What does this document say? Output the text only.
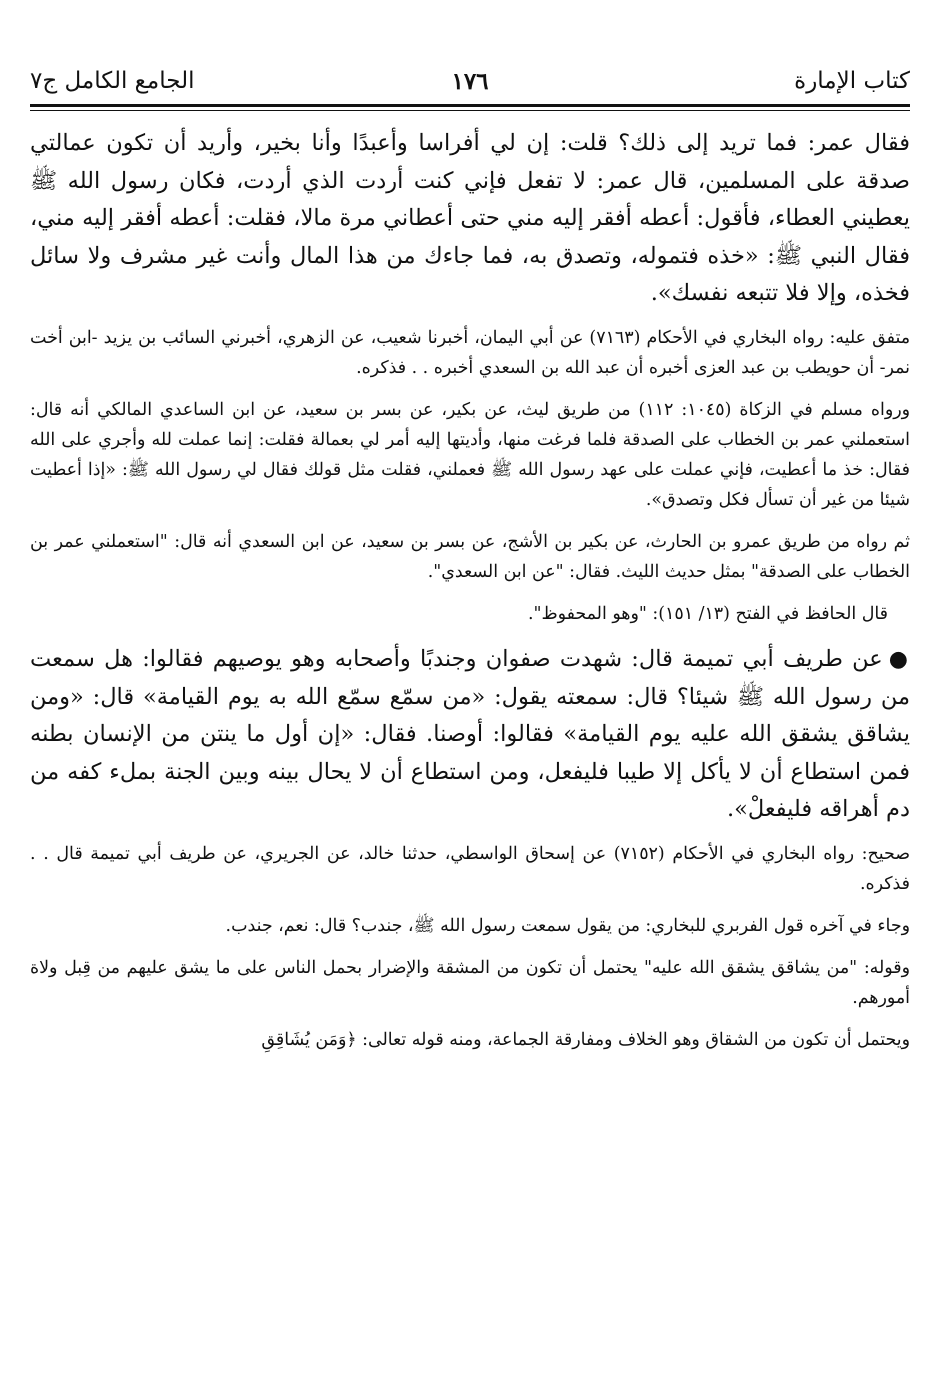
كتاب الإمارة
١٧٦
الجامع الكامل ج٧

فقال عمر: فما تريد إلى ذلك؟ قلت: إن لي أفراسا وأعبدًا وأنا بخير، وأريد أن تكون عمالتي صدقة على المسلمين، قال عمر: لا تفعل فإني كنت أردت الذي أردت، فكان رسول الله ﷺ يعطيني العطاء، فأقول: أعطه أفقر إليه مني حتى أعطاني مرة مالا، فقلت: أعطه أفقر إليه مني، فقال النبي ﷺ: «خذه فتموله، وتصدق به، فما جاءك من هذا المال وأنت غير مشرف ولا سائل فخذه، وإلا فلا تتبعه نفسك».

متفق عليه: رواه البخاري في الأحكام (٧١٦٣) عن أبي اليمان، أخبرنا شعيب، عن الزهري، أخبرني السائب بن يزيد -ابن أخت نمر- أن حويطب بن عبد العزى أخبره أن عبد الله بن السعدي أخبره . . فذكره.

ورواه مسلم في الزكاة (١٠٤٥: ١١٢) من طريق ليث، عن بكير، عن بسر بن سعيد، عن ابن الساعدي المالكي أنه قال: استعملني عمر بن الخطاب على الصدقة فلما فرغت منها، وأديتها إليه أمر لي بعمالة فقلت: إنما عملت لله وأجري على الله فقال: خذ ما أعطيت، فإني عملت على عهد رسول الله ﷺ فعملني، فقلت مثل قولك فقال لي رسول الله ﷺ: «إذا أعطيت شيئا من غير أن تسأل فكل وتصدق».

ثم رواه من طريق عمرو بن الحارث، عن بكير بن الأشج، عن بسر بن سعيد، عن ابن السعدي أنه قال: "استعملني عمر بن الخطاب على الصدقة" بمثل حديث الليث. فقال: "عن ابن السعدي".

قال الحافظ في الفتح (١٣/ ١٥١): "وهو المحفوظ".

●عن طريف أبي تميمة قال: شهدت صفوان وجندبًا وأصحابه وهو يوصيهم فقالوا: هل سمعت من رسول الله ﷺ شيئا؟ قال: سمعته يقول: «من سمّع سمّع الله به يوم القيامة» قال: «ومن يشاقق يشقق الله عليه يوم القيامة» فقالوا: أوصنا. فقال: «إن أول ما ينتن من الإنسان بطنه فمن استطاع أن لا يأكل إلا طيبا فليفعل، ومن استطاع أن لا يحال بينه وبين الجنة بملء كفه من دم أهراقه فليفعلْ».

صحيح: رواه البخاري في الأحكام (٧١٥٢) عن إسحاق الواسطي، حدثنا خالد، عن الجريري، عن طريف أبي تميمة قال . . فذكره.

وجاء في آخره قول الفربري للبخاري: من يقول سمعت رسول الله ﷺ، جندب؟ قال: نعم، جندب.

وقوله: "من يشاقق يشقق الله عليه" يحتمل أن تكون من المشقة والإضرار بحمل الناس على ما يشق عليهم من قِبل ولاة أمورهم.

ويحتمل أن تكون من الشقاق وهو الخلاف ومفارقة الجماعة، ومنه قوله تعالى: ﴿وَمَن يُشَاقِقِ
